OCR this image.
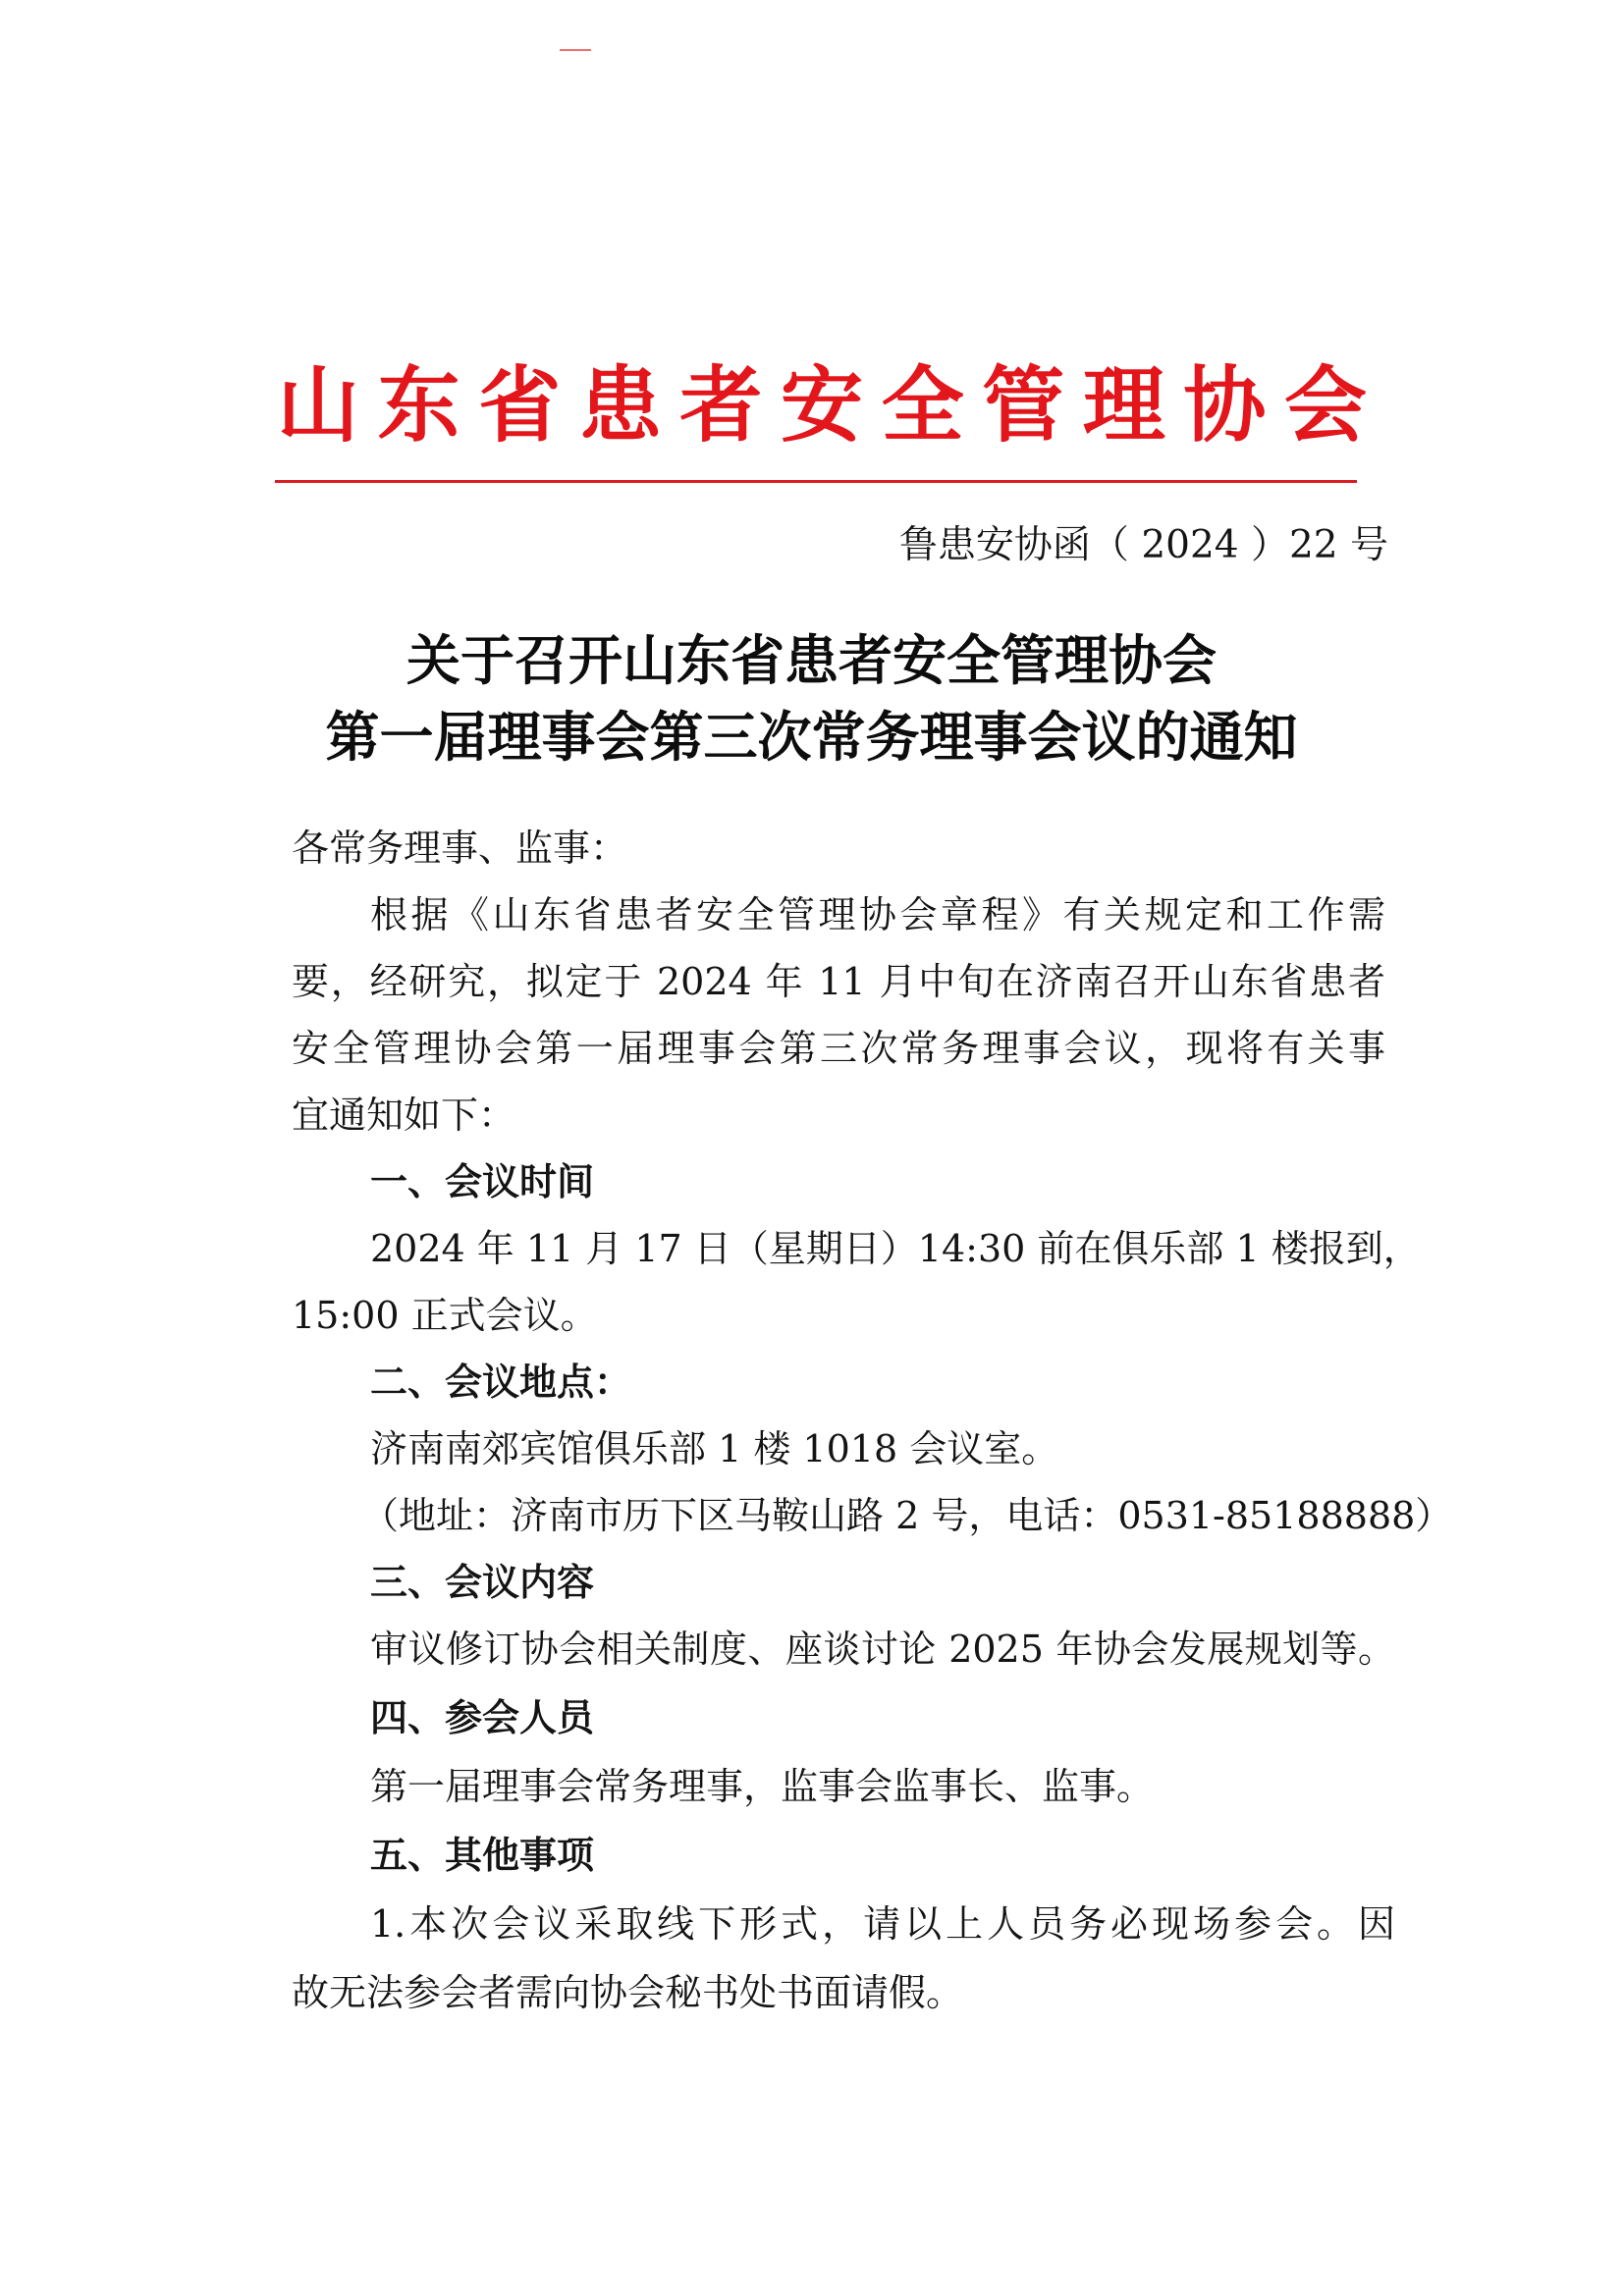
山东省患者安全管理协会
鲁患安协函（ 2024 ）22 号
关于召开山东省患者安全管理协会
第一届理事会第三次常务理事会议的通知
各常务理事、监事：
根据《山东省患者安全管理协会章程》有关规定和工作需
要，经研究，拟定于 2024 年 11 月中旬在济南召开山东省患者
安全管理协会第一届理事会第三次常务理事会议，现将有关事
宜通知如下：
一、会议时间
2024 年 11 月 17 日（星期日）14:30 前在俱乐部 1 楼报到，
15:00 正式会议。
二、会议地点：
济南南郊宾馆俱乐部 1 楼 1018 会议室。
（地址：济南市历下区马鞍山路 2 号，电话：0531-85188888）
三、会议内容
审议修订协会相关制度、座谈讨论 2025 年协会发展规划等。
四、参会人员
第一届理事会常务理事，监事会监事长、监事。
五、其他事项
1.本次会议采取线下形式，请以上人员务必现场参会。因
故无法参会者需向协会秘书处书面请假。
